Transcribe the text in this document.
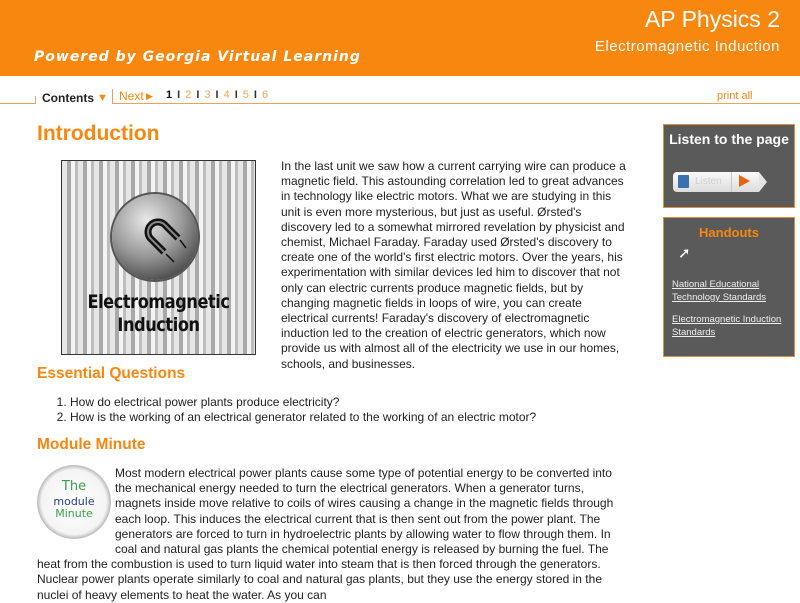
AP Physics 2
Electromagnetic Induction
Powered by Georgia Virtual Learning
Contents ▼ Next ▶ 1 I 2 I 3 I 4 I 5 I 6	print all
Introduction
Electromagnetic
Induction

In the last unit we saw how a current carrying wire can produce a magnetic field. This astounding correlation led to great advances in technology like electric motors. What we are studying in this unit is even more mysterious, but just as useful. Ørsted's discovery led to a somewhat mirrored revelation by physicist and chemist, Michael Faraday. Faraday used Ørsted's discovery to create one of the world's first electric motors. Over the years, his experimentation with similar devices led him to discover that not only can electric currents produce magnetic fields, but by changing magnetic fields in loops of wire, you can create electrical currents! Faraday's discovery of electromagnetic induction led to the creation of electric generators, which now provide us with almost all of the electricity we use in our homes, schools, and businesses.

Essential Questions
1. How do electrical power plants produce electricity?
2. How is the working of an electrical generator related to the working of an electric motor?
Module Minute
Most modern electrical power plants cause some type of potential energy to be converted into the mechanical energy needed to turn the electrical generators. When a generator turns, magnets inside move relative to coils of wires causing a change in the magnetic fields through each loop. This induces the electrical current that is then sent out from the power plant. The generators are forced to turn in hydroelectric plants by allowing water to flow through them. In coal and natural gas plants the chemical potential energy is released by burning the fuel. The heat from the combustion is used to turn liquid water into steam that is then forced through the generators. Nuclear power plants operate similarly to coal and natural gas plants, but they use the energy stored in the nuclei of heavy elements to heat the water. As you can
The
module
Minute
Listen to the page
Listen
Handouts
➚
National Educational Technology Standards
Electromagnetic Induction Standards
